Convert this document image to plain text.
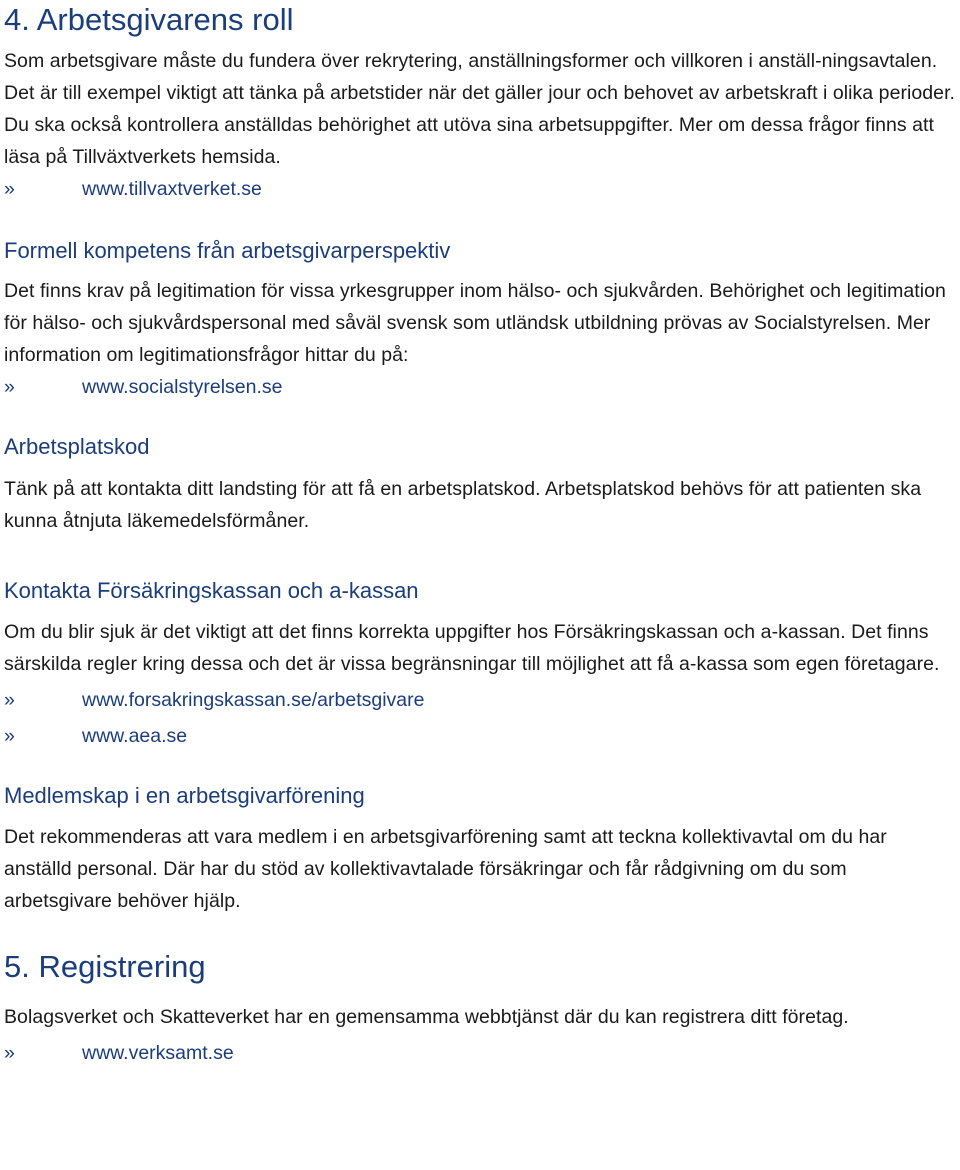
4. Arbetsgivarens roll

Som arbetsgivare måste du fundera över rekrytering, anställningsformer och villkoren i anställ-ningsavtalen. Det är till exempel viktigt att tänka på arbetstider när det gäller jour och behovet av arbetskraft i olika perioder. Du ska också kontrollera anställdas behörighet att utöva sina arbetsuppgifter. Mer om dessa frågor finns att läsa på Tillväxtverkets hemsida.

»	www.tillvaxtverket.se
Formell kompetens från arbetsgivarperspektiv

Det finns krav på legitimation för vissa yrkesgrupper inom hälso- och sjukvården. Behörighet och legitimation för hälso- och sjukvårdspersonal med såväl svensk som utländsk utbildning prövas av Socialstyrelsen. Mer information om legitimationsfrågor hittar du på:

»	www.socialstyrelsen.se
Arbetsplatskod

Tänk på att kontakta ditt landsting för att få en arbetsplatskod. Arbetsplatskod behövs för att patienten ska kunna åtnjuta läkemedelsförmåner.

Kontakta Försäkringskassan och a-kassan

Om du blir sjuk är det viktigt att det finns korrekta uppgifter hos Försäkringskassan och a-kassan. Det finns särskilda regler kring dessa och det är vissa begränsningar till möjlighet att få a-kassa som egen företagare.

»	www.forsakringskassan.se/arbetsgivare
»	www.aea.se
Medlemskap i en arbetsgivarförening

Det rekommenderas att vara medlem i en arbetsgivarförening samt att teckna kollektivavtal om du har anställd personal. Där har du stöd av kollektivavtalade försäkringar och får rådgivning om du som arbetsgivare behöver hjälp.

5. Registrering

Bolagsverket och Skatteverket har en gemensamma webbtjänst där du kan registrera ditt företag.

»	www.verksamt.se
